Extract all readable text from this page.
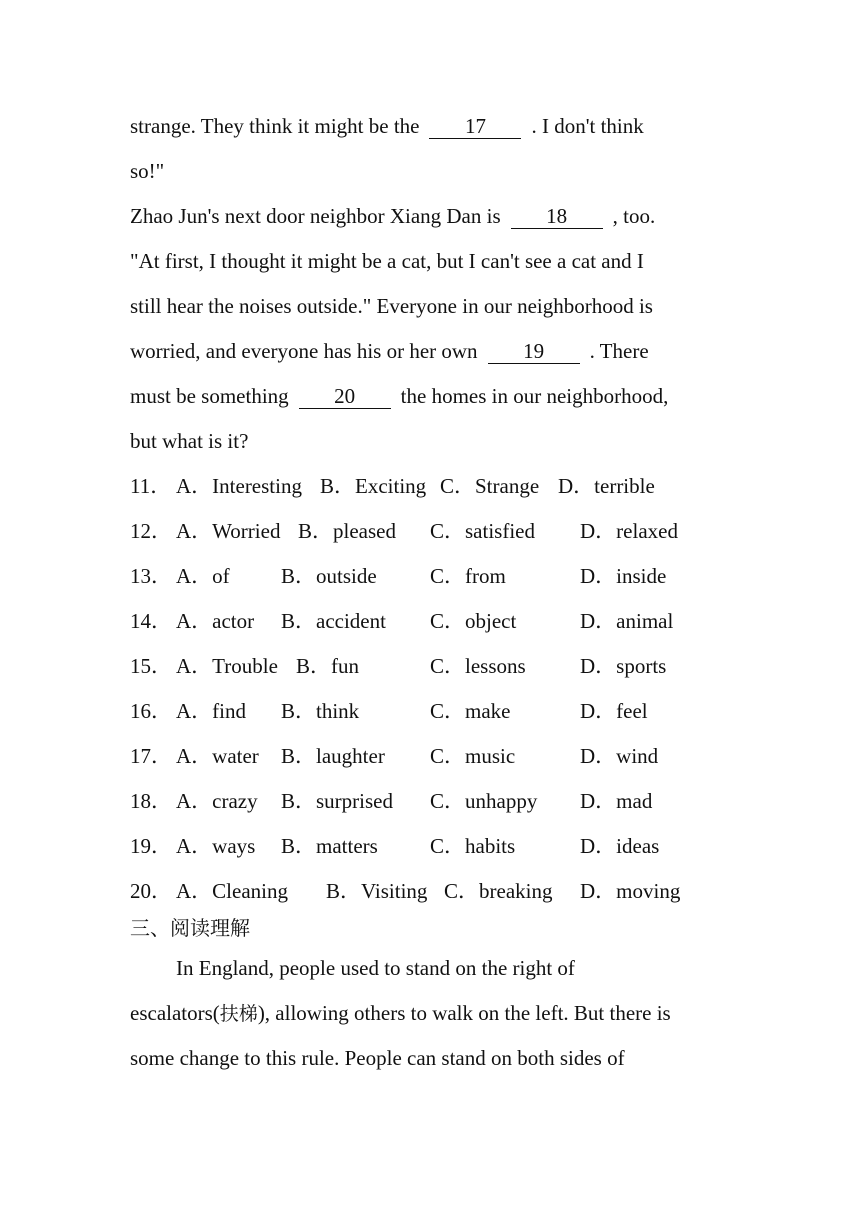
strange. They think it might be the 17 . I don't think
so!"
Zhao Jun's next door neighbor Xiang Dan is 18 , too.
"At first, I thought it might be a cat, but I can't see a cat and I
still hear the noises outside." Everyone in our neighborhood is
worried, and everyone has his or her own 19 . There
must be something 20 the homes in our neighborhood,
but what is it?
11． A．Interesting B．Exciting C．Strange D．terrible
12． A．Worried B．pleased C．satisfied D．relaxed
13． A．of B．outside	C．from	D．inside
14． A．actor B．accident C．object	D．animal
15． A．Trouble B．fun	C．lessons	D．sports
16． A．find B．think	C．make	D．feel
17． A．water B．laughter C．music	D．wind
18． A．crazy B．surprised C．unhappy D．mad
19． A．ways B．matters C．habits	D．ideas
20． A．Cleaning B．Visiting C．breaking D．moving
三、阅读理解
In England, people used to stand on the right of
escalators(扶梯), allowing others to walk on the left. But there is
some change to this rule. People can stand on both sides of
